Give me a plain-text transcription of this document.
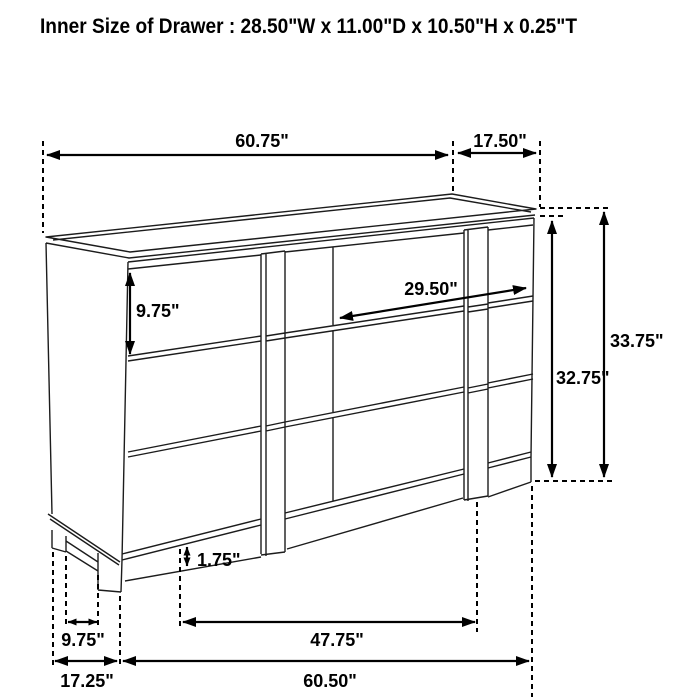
Inner Size of Drawer : 28.50"W x 11.00"D x 10.50"H x 0.25"T
60.75"	17.50"
9.75"
29.50"
32.75"
33.75"
1.75"
9.75"	47.75"
17.25"	60.50"
